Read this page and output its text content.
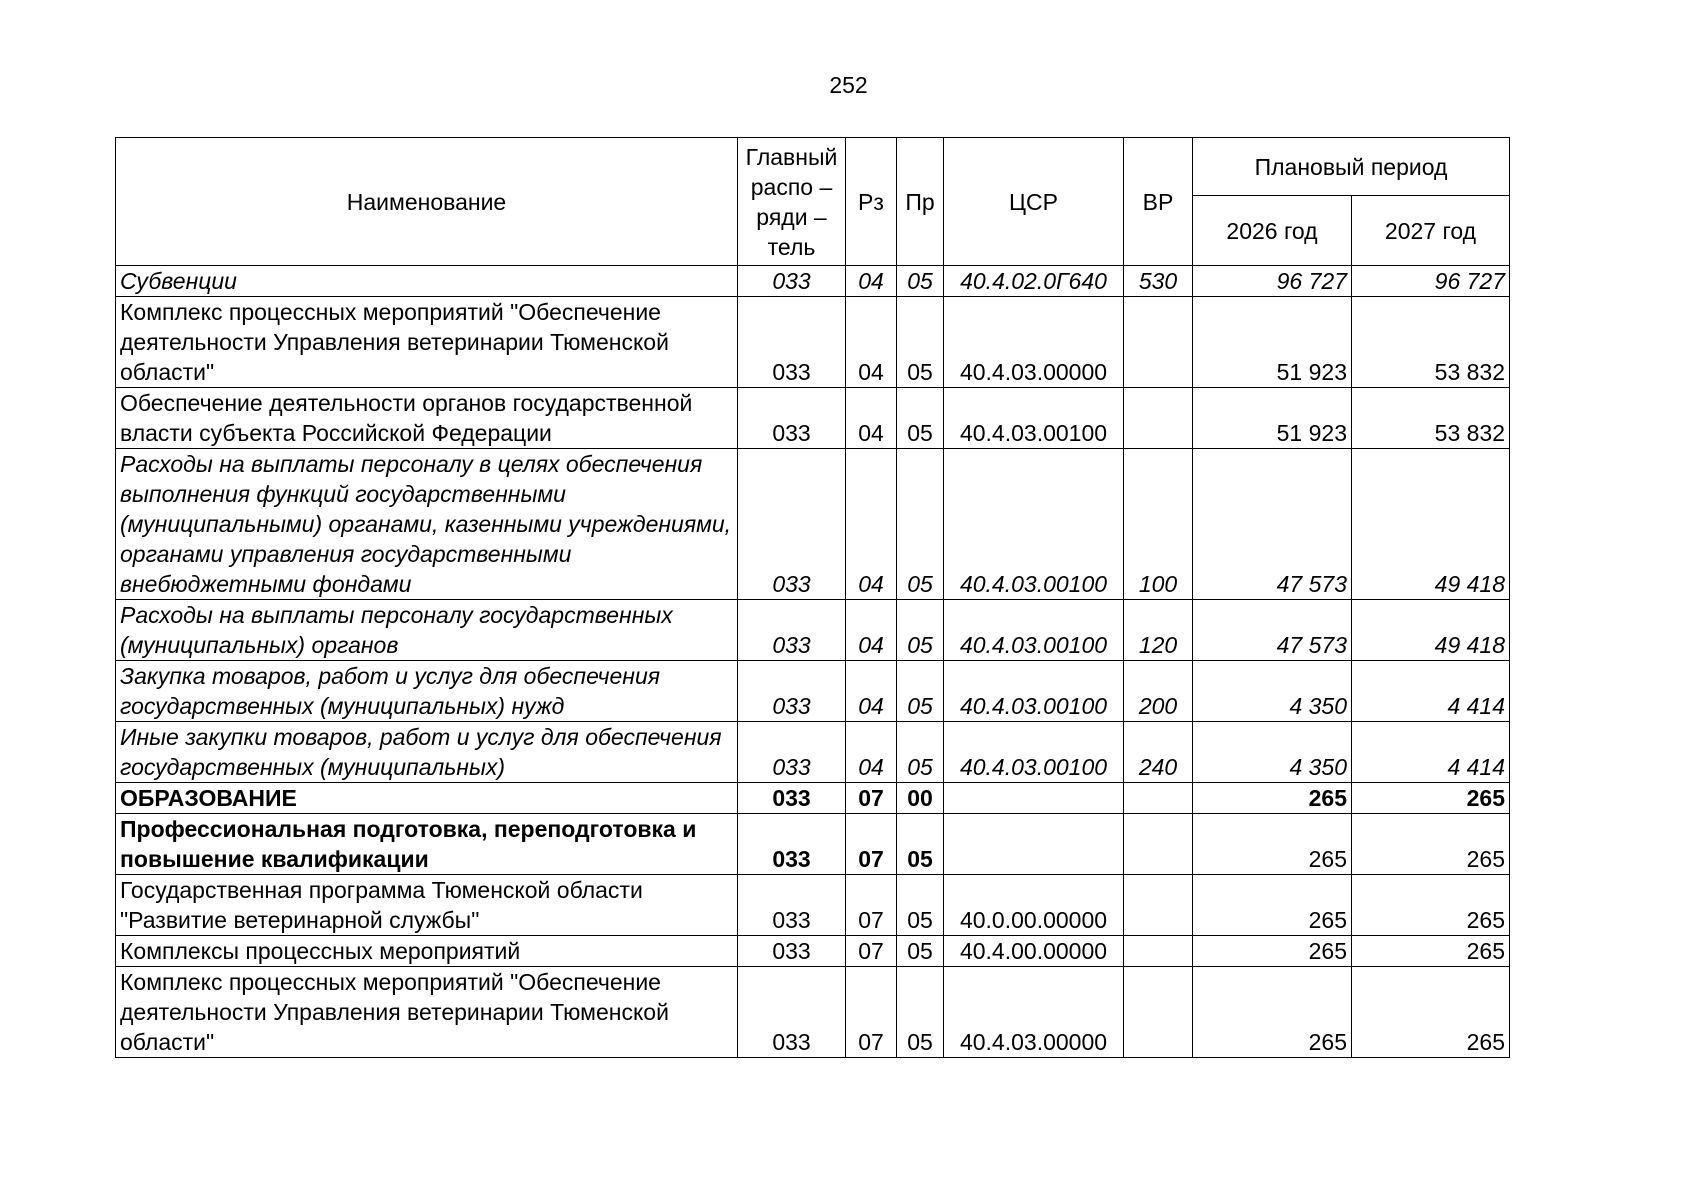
252
Наименование	Главный распо – ряди – тель	Рз	Пр	ЦСР	ВР	Плановый период	
						2026 год	2027 год
Субвенции	033	04	05	40.4.02.0Г640	530	96 727	96 727
Комплекс процессных мероприятий "Обеспечение деятельности Управления ветеринарии Тюменской области"	033	04	05	40.4.03.00000		51 923	53 832
Обеспечение деятельности органов государственной власти субъекта Российской Федерации	033	04	05	40.4.03.00100		51 923	53 832
Расходы на выплаты персоналу в целях обеспечения выполнения функций государственными (муниципальными) органами, казенными учреждениями, органами управления государственными внебюджетными фондами	033	04	05	40.4.03.00100	100	47 573	49 418
Расходы на выплаты персоналу государственных (муниципальных) органов	033	04	05	40.4.03.00100	120	47 573	49 418
Закупка товаров, работ и услуг для обеспечения государственных (муниципальных) нужд	033	04	05	40.4.03.00100	200	4 350	4 414
Иные закупки товаров, работ и услуг для обеспечения государственных (муниципальных)	033	04	05	40.4.03.00100	240	4 350	4 414
ОБРАЗОВАНИЕ	033	07	00			265	265
Профессиональная подготовка, переподготовка и повышение квалификации	033	07	05			265	265
Государственная программа Тюменской области "Развитие ветеринарной службы"	033	07	05	40.0.00.00000		265	265
Комплексы процессных мероприятий	033	07	05	40.4.00.00000		265	265
Комплекс процессных мероприятий "Обеспечение деятельности Управления ветеринарии Тюменской области"	033	07	05	40.4.03.00000		265	265
